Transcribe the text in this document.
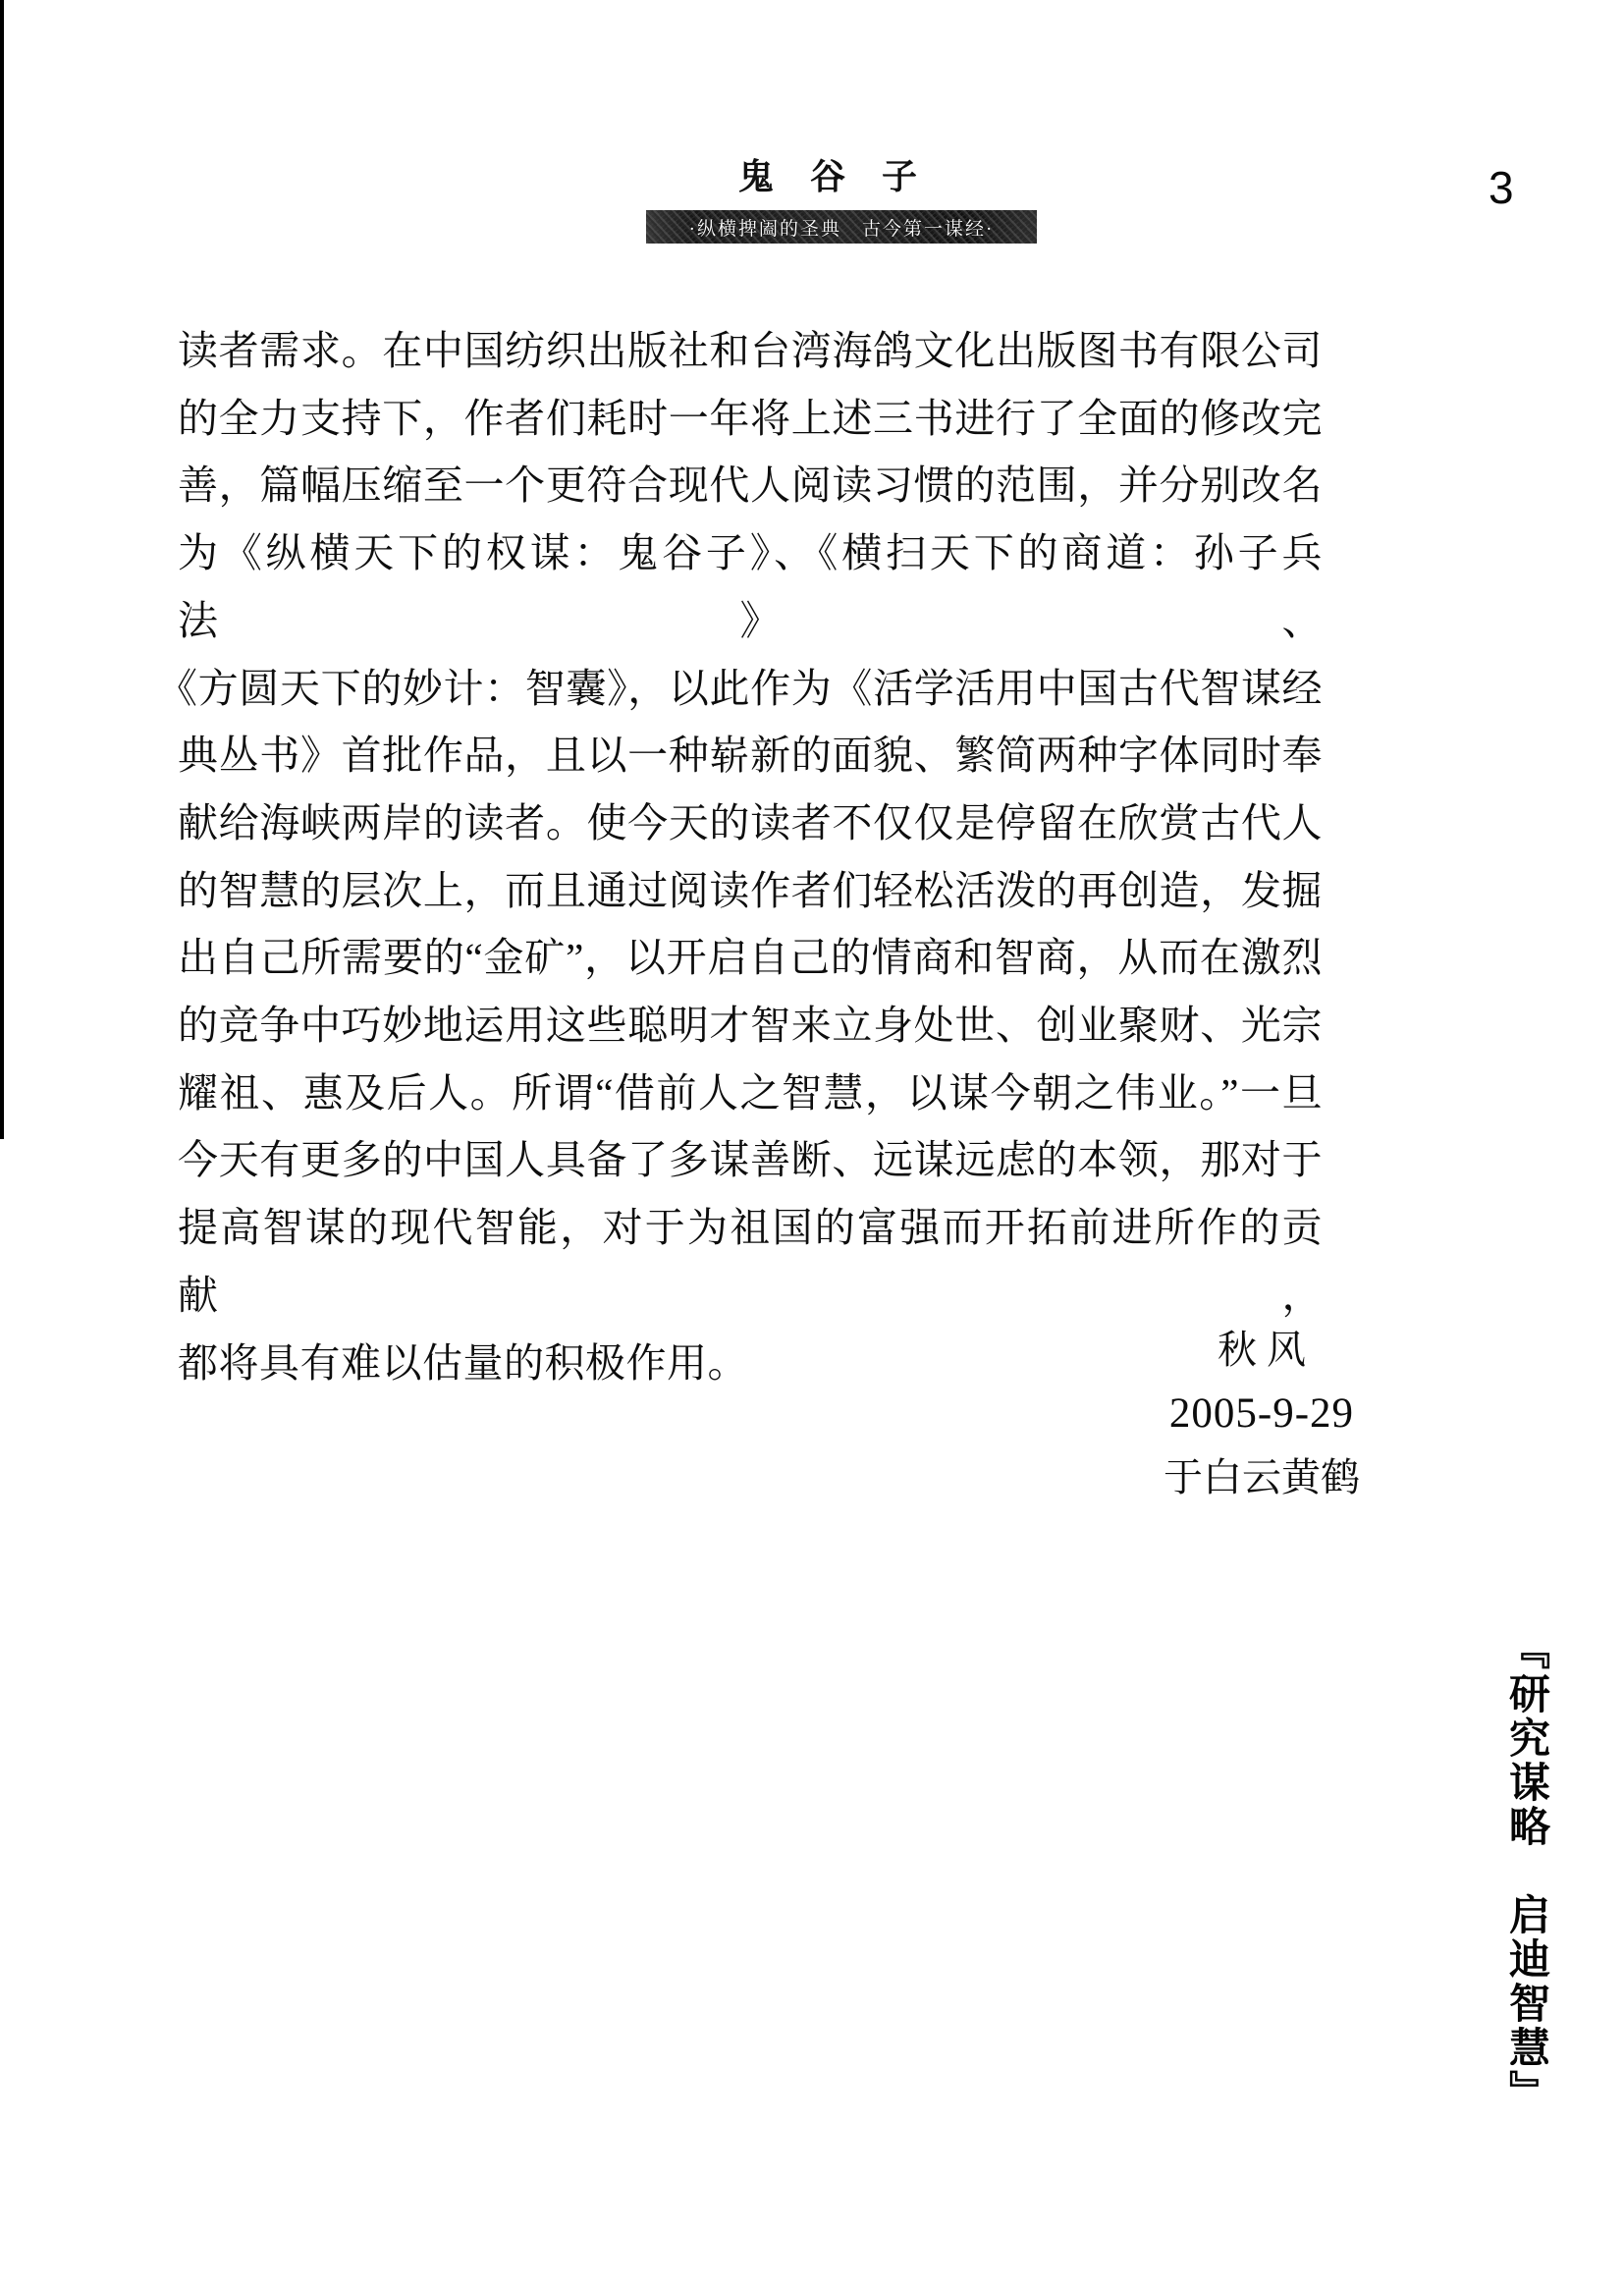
鬼 谷 子
·纵横捭阖的圣典　古今第一谋经·
3
读者需求。在中国纺织出版社和台湾海鸽文化出版图书有限公司
的全力支持下，作者们耗时一年将上述三书进行了全面的修改完
善，篇幅压缩至一个更符合现代人阅读习惯的范围，并分别改名
为《纵横天下的权谋：鬼谷子》、《横扫天下的商道：孙子兵法》、
《方圆天下的妙计：智囊》，以此作为《活学活用中国古代智谋经
典丛书》首批作品，且以一种崭新的面貌、繁简两种字体同时奉
献给海峡两岸的读者。使今天的读者不仅仅是停留在欣赏古代人
的智慧的层次上，而且通过阅读作者们轻松活泼的再创造，发掘
出自己所需要的“金矿”，以开启自己的情商和智商，从而在激烈
的竞争中巧妙地运用这些聪明才智来立身处世、创业聚财、光宗
耀祖、惠及后人。所谓“借前人之智慧，以谋今朝之伟业。”一旦
今天有更多的中国人具备了多谋善断、远谋远虑的本领，那对于
提高智谋的现代智能，对于为祖国的富强而开拓前进所作的贡献，
都将具有难以估量的积极作用。	秋 风
2005-9-29
于白云黄鹤
『研究谋略　启迪智慧』
